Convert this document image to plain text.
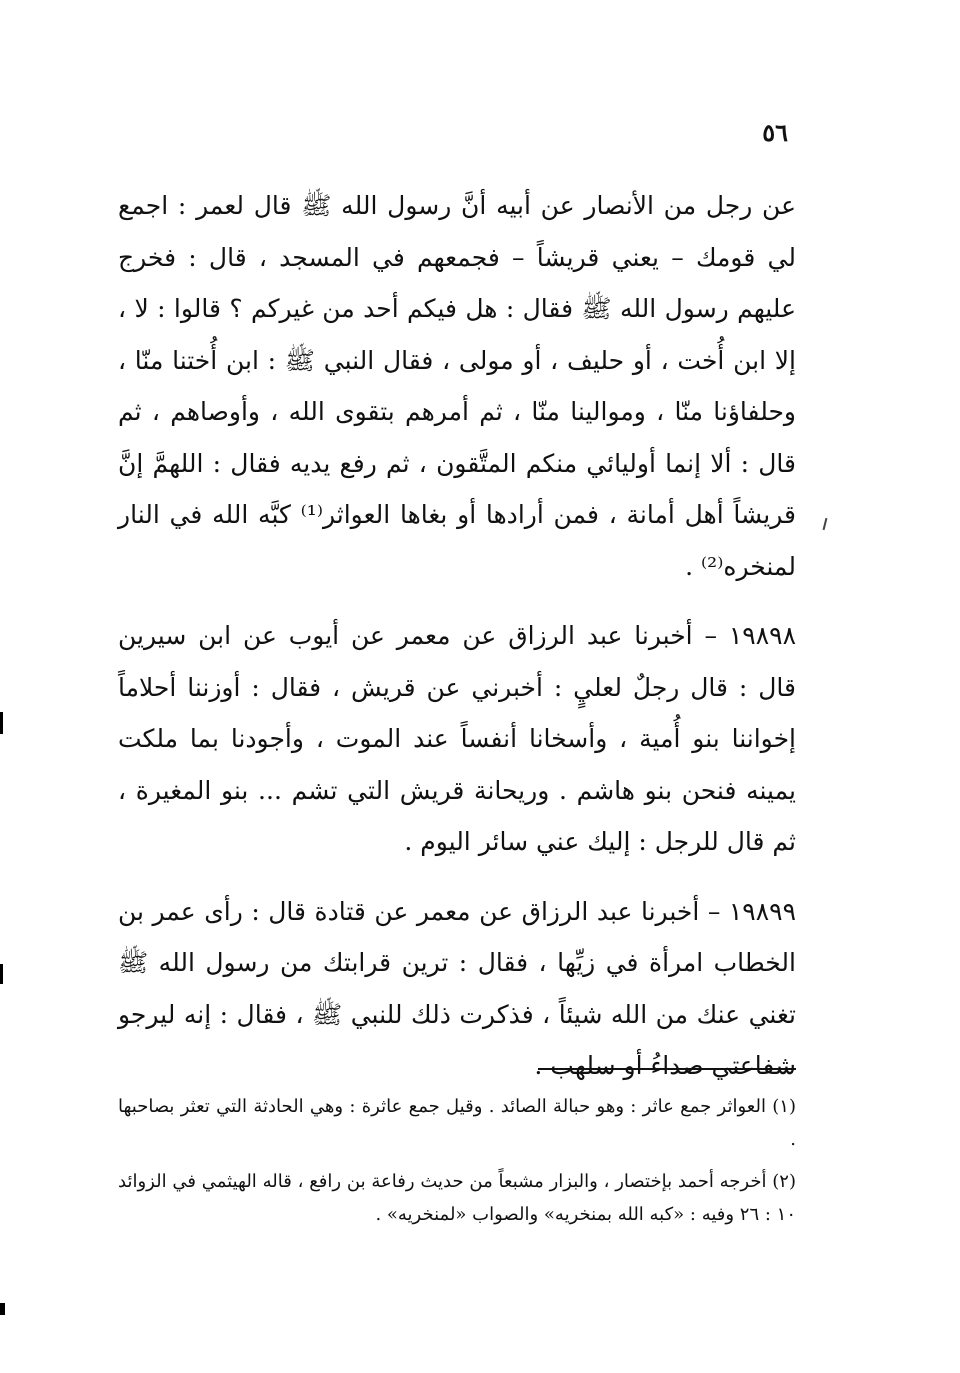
٥٦

عن رجل من الأنصار عن أبيه أنَّ رسول الله ﷺ قال لعمر : اجمع لي قومك – يعني قريشاً – فجمعهم في المسجد ، قال : فخرج عليهم رسول الله ﷺ فقال : هل فيكم أحد من غيركم ؟ قالوا : لا ، إلا ابن أُخت ، أو حليف ، أو مولى ، فقال النبي ﷺ : ابن أُختنا منّا ، وحلفاؤنا منّا ، وموالينا منّا ، ثم أمرهم بتقوى الله ، وأوصاهم ، ثم قال : ألا إنما أوليائي منكم المتَّقون ، ثم رفع يديه فقال : اللهمَّ إنَّ قريشاً أهل أمانة ، فمن أرادها أو بغاها العواثر⁽¹⁾ كبَّه الله في النار لمنخره⁽²⁾ .

١٩٨٩٨ – أخبرنا عبد الرزاق عن معمر عن أيوب عن ابن سيرين قال : قال رجلٌ لعليٍ : أخبرني عن قريش ، فقال : أوزننا أحلاماً إخواننا بنو أُمية ، وأسخانا أنفساً عند الموت ، وأجودنا بما ملكت يمينه فنحن بنو هاشم . وريحانة قريش التي تشم ... بنو المغيرة ، ثم قال للرجل : إليك عني سائر اليوم .

١٩٨٩٩ – أخبرنا عبد الرزاق عن معمر عن قتادة قال : رأى عمر بن الخطاب امرأة في زيِّها ، فقال : ترين قرابتك من رسول الله ﷺ تغني عنك من الله شيئاً ، فذكرت ذلك للنبي ﷺ ، فقال : إنه ليرجو شفاعتي صداءُ أو سلهب .

(١) العواثر جمع عاثر : وهو حبالة الصائد . وقيل جمع عاثرة : وهي الحادثة التي تعثر بصاحبها .

(٢) أخرجه أحمد بإختصار ، والبزار مشبعاً من حديث رفاعة بن رافع ، قاله الهيثمي في الزوائد ١٠ : ٢٦ وفيه : «كبه الله بمنخريه» والصواب «لمنخريه» .
